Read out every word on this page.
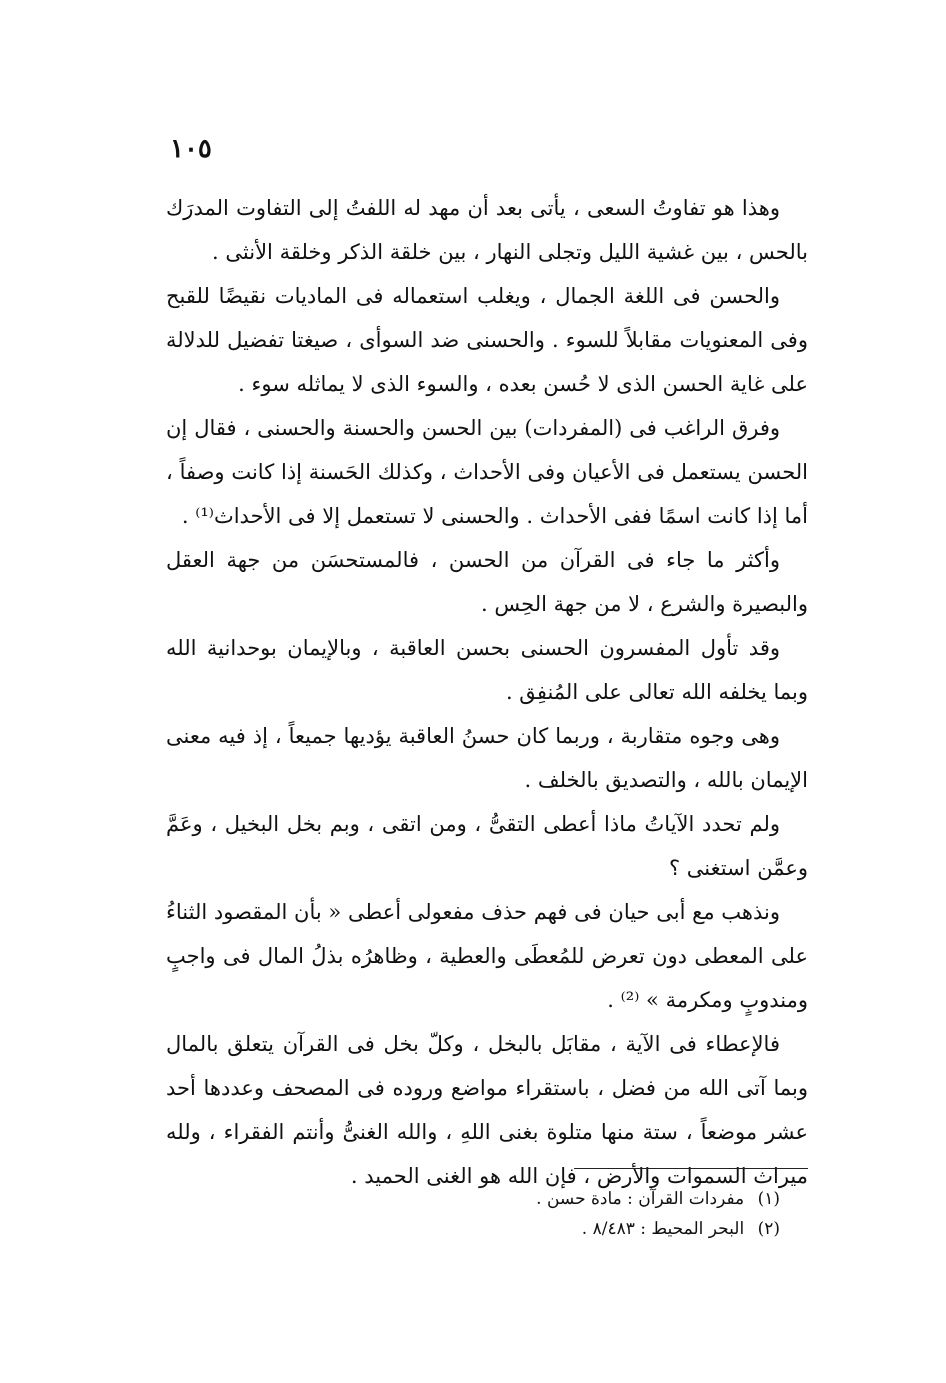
١٠٥

وهذا هو تفاوتُ السعى ، يأتى بعد أن مهد له اللفتُ إلى التفاوت المدرَك بالحس ، بين غشية الليل وتجلى النهار ، بين خلقة الذكر وخلقة الأنثى .

والحسن فى اللغة الجمال ، ويغلب استعماله فى الماديات نقيضًا للقبح وفى المعنويات مقابلاً للسوء . والحسنى ضد السوأى ، صيغتا تفضيل للدلالة على غاية الحسن الذى لا حُسن بعده ، والسوء الذى لا يماثله سوء .

وفرق الراغب فى (المفردات) بين الحسن والحسنة والحسنى ، فقال إن الحسن يستعمل فى الأعيان وفى الأحداث ، وكذلك الحَسنة إذا كانت وصفاً ، أما إذا كانت اسمًا ففى الأحداث . والحسنى لا تستعمل إلا فى الأحداث⁽¹⁾ .

وأكثر ما جاء فى القرآن من الحسن ، فالمستحسَن من جهة العقل والبصيرة والشرع ، لا من جهة الحِس .

وقد تأول المفسرون الحسنى بحسن العاقبة ، وبالإيمان بوحدانية الله وبما يخلفه الله تعالى على المُنفِق .

وهى وجوه متقاربة ، وربما كان حسنُ العاقبة يؤديها جميعاً ، إذ فيه معنى الإيمان بالله ، والتصديق بالخلف .

ولم تحدد الآياتُ ماذا أعطى التقىُّ ، ومن اتقى ، وبم بخل البخيل ، وعَمَّ وعمَّن استغنى ؟

ونذهب مع أبى حيان فى فهم حذف مفعولى أعطى « بأن المقصود الثناءُ على المعطى دون تعرض للمُعطَى والعطية ، وظاهرُه بذلُ المال فى واجبٍ ومندوبٍ ومكرمة » ⁽²⁾ .

فالإعطاء فى الآية ، مقابَل بالبخل ، وكلّ بخل فى القرآن يتعلق بالمال وبما آتى الله من فضل ، باستقراء مواضع وروده فى المصحف وعددها أحد عشر موضعاً ، ستة منها متلوة بغنى اللهِ ، والله الغنىُّ وأنتم الفقراء ، ولله ميراث السموات والأرض ، فإن الله هو الغنى الحميد .

(١) مفردات القرآن : مادة حسن .

(٢) البحر المحيط : ٨/٤٨٣ .
